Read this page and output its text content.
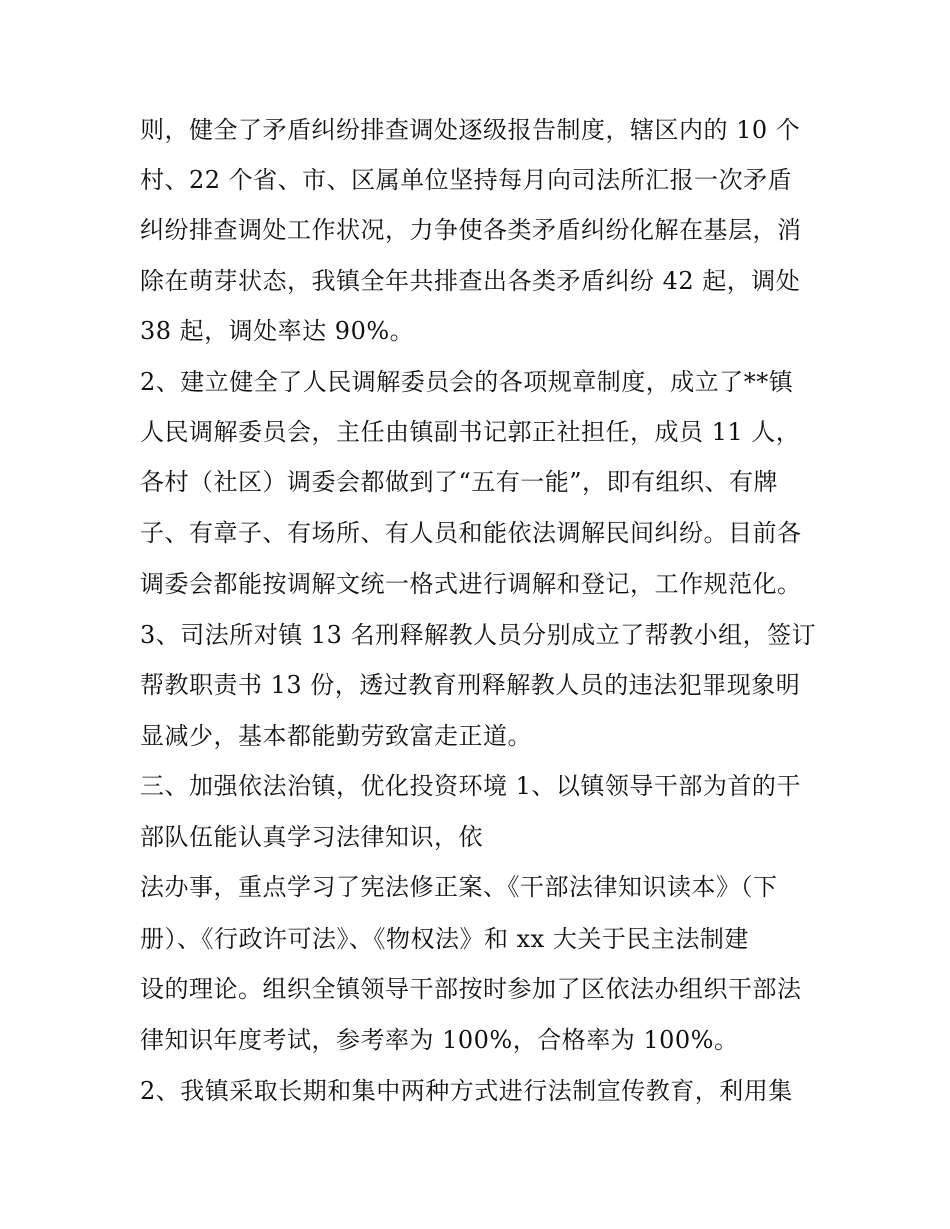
则，健全了矛盾纠纷排查调处逐级报告制度，辖区内的 10 个
村、22 个省、市、区属单位坚持每月向司法所汇报一次矛盾
纠纷排查调处工作状况，力争使各类矛盾纠纷化解在基层，消
除在萌芽状态，我镇全年共排查出各类矛盾纠纷 42 起，调处
38 起，调处率达 90%。
2、建立健全了人民调解委员会的各项规章制度，成立了**镇
人民调解委员会，主任由镇副书记郭正社担任，成员 11 人，
各村（社区）调委会都做到了“五有一能”，即有组织、有牌
子、有章子、有场所、有人员和能依法调解民间纠纷。目前各
调委会都能按调解文统一格式进行调解和登记，工作规范化。
3、司法所对镇 13 名刑释解教人员分别成立了帮教小组，签订
帮教职责书 13 份，透过教育刑释解教人员的违法犯罪现象明
显减少，基本都能勤劳致富走正道。
三、加强依法治镇，优化投资环境 1、以镇领导干部为首的干
部队伍能认真学习法律知识，依
法办事，重点学习了宪法修正案、《干部法律知识读本》（下
册）、《行政许可法》、《物权法》和 xx 大关于民主法制建
设的理论。组织全镇领导干部按时参加了区依法办组织干部法
律知识年度考试，参考率为 100%，合格率为 100%。
2、我镇采取长期和集中两种方式进行法制宣传教育，利用集
